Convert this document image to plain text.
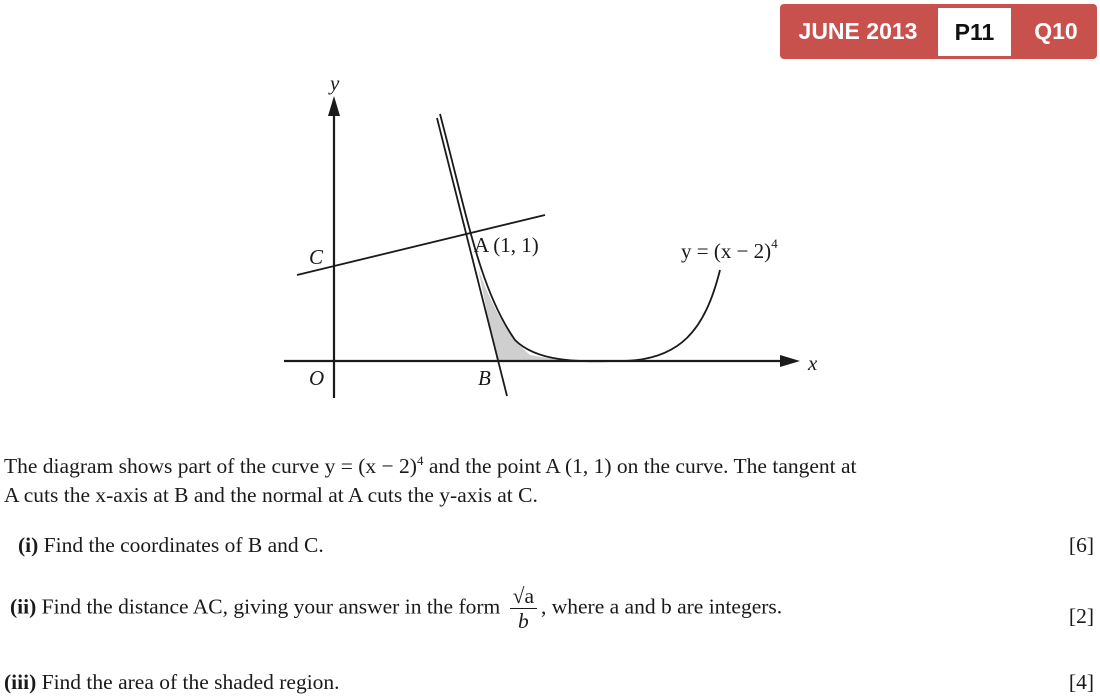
JUNE 2013	P11	Q10
y
x
O
C
B
A (1, 1)	$y = (x - 2)^4$
The diagram shows part of the curve $y = (x - 2)^4$ and the point A (1, 1) on the curve. The tangent at
A cuts the x-axis at B and the normal at A cuts the y-axis at C.
(i) Find the coordinates of B and C.	[6]
(ii) Find the distance AC, giving your answer in the form $\frac{√a}{b}$ , where a and b are integers.	[2]
(iii) Find the area of the shaded region.	[4]
